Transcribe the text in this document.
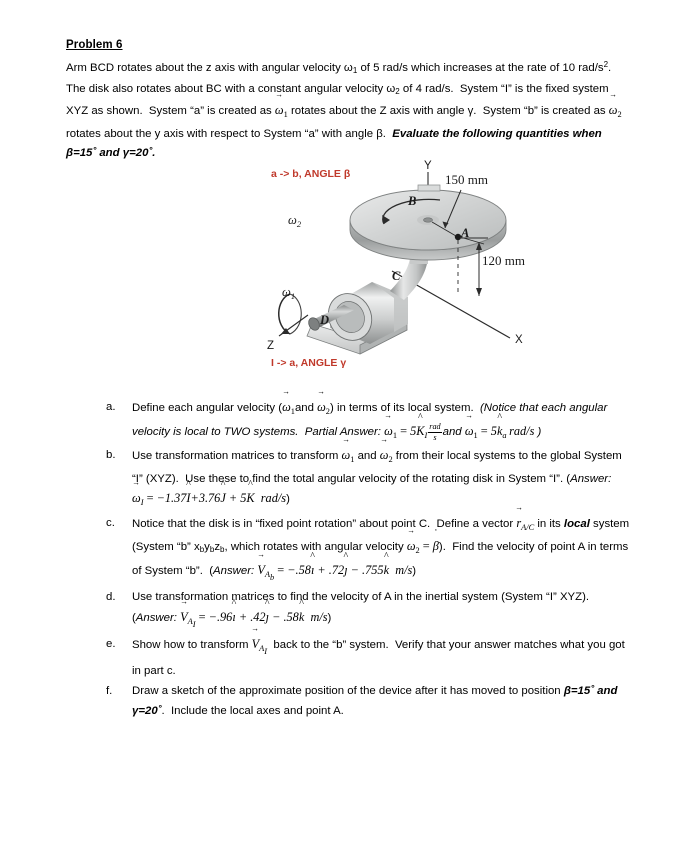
Problem 6
Arm BCD rotates about the z axis with angular velocity $\omega_1$ of 5 rad/s which increases at the rate of 10 rad/$s^2$.  The disk also rotates about BC with a constant angular velocity $\omega_2$ of 4 rad/s.  System “I” is the fixed system XYZ as shown.  System “a” is created as $\omega \to_1$ rotates about the Z axis with angle γ.  System “b” is created as $\omega \to_2$ rotates about the y axis with respect to System “a” with angle β.  Evaluate the following quantities when β=15˚ and γ=20˚.
a -> b, ANGLE β
I -> a, ANGLE γ
Y
X
Z
B
A
C
D
150 mm
120 mm
$\omega_1$
$\omega_2$
a.	Define each angular velocity ($\omega \to_1and$ $\omega \to_2$) in terms of its local system.  (Notice that each angular velocity is local to TWO systems.  Partial Answer: $\omega \to_1 = 5K$ $\^{}_I \frac{\text{rad}}{s}$ and $\omega \to_1 = 5k$ $\^{}_a$ rad/s )
b.	Use transformation matrices to transform $\omega \to_1$ and $\omega \to_2$ from their local systems to the global System “I” (XYZ).  Use these to find the total angular velocity of the rotating disk in System “I”. (Answer: $\omega \to_I = -1.37I$ ^+3.76J ^ + 5K ^  rad/s)
c.	Notice that the disk is in “fixed point rotation” about point C.  Define a vector $r \to_{A/C}$ in its local system (System “b” $x_by_bz_b$, which rotates with angular velocity $\omega \to_2 = \beta$ ˙).  Find the velocity of point A in terms of System “b”.  (Answer: $V \to_{Ab}$ = −.58ı ^ + .72ȷ ^ − .755k ^  m/s)
d.	Use transformation matrices to find the velocity of A in the inertial system (System “I” XYZ). (Answer: $V \to_{AI}$ = −.96ı ^ + .42ȷ ^ − .58k ^  m/s)
e.	Show how to transform $V \to_{AI}$  back to the “b” system.  Verify that your answer matches what you got in part c.
f.	Draw a sketch of the approximate position of the device after it has moved to position β=15˚ and γ=20˚.  Include the local axes and point A.
